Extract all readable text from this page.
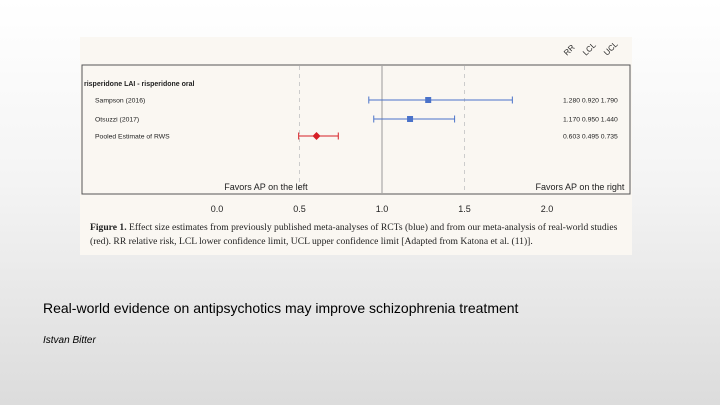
RR LCL UCL
risperidone LAI - risperidone oral
Sampson (2016)	1.280 0.920 1.790
Otsuzzi (2017)	1.170 0.950 1.440
Pooled Estimate of RWS	0.603 0.495 0.735
Favors AP on the left	Favors AP on the right
0.0	0.5	1.0	1.5	2.0
Figure 1. Effect size estimates from previously published meta-analyses of RCTs (blue) and from our meta-analysis of real-world studies (red). RR relative risk, LCL lower confidence limit, UCL upper confidence limit [Adapted from Katona et al. (11)].
Real-world evidence on antipsychotics may improve schizophrenia treatment
Istvan Bitter
